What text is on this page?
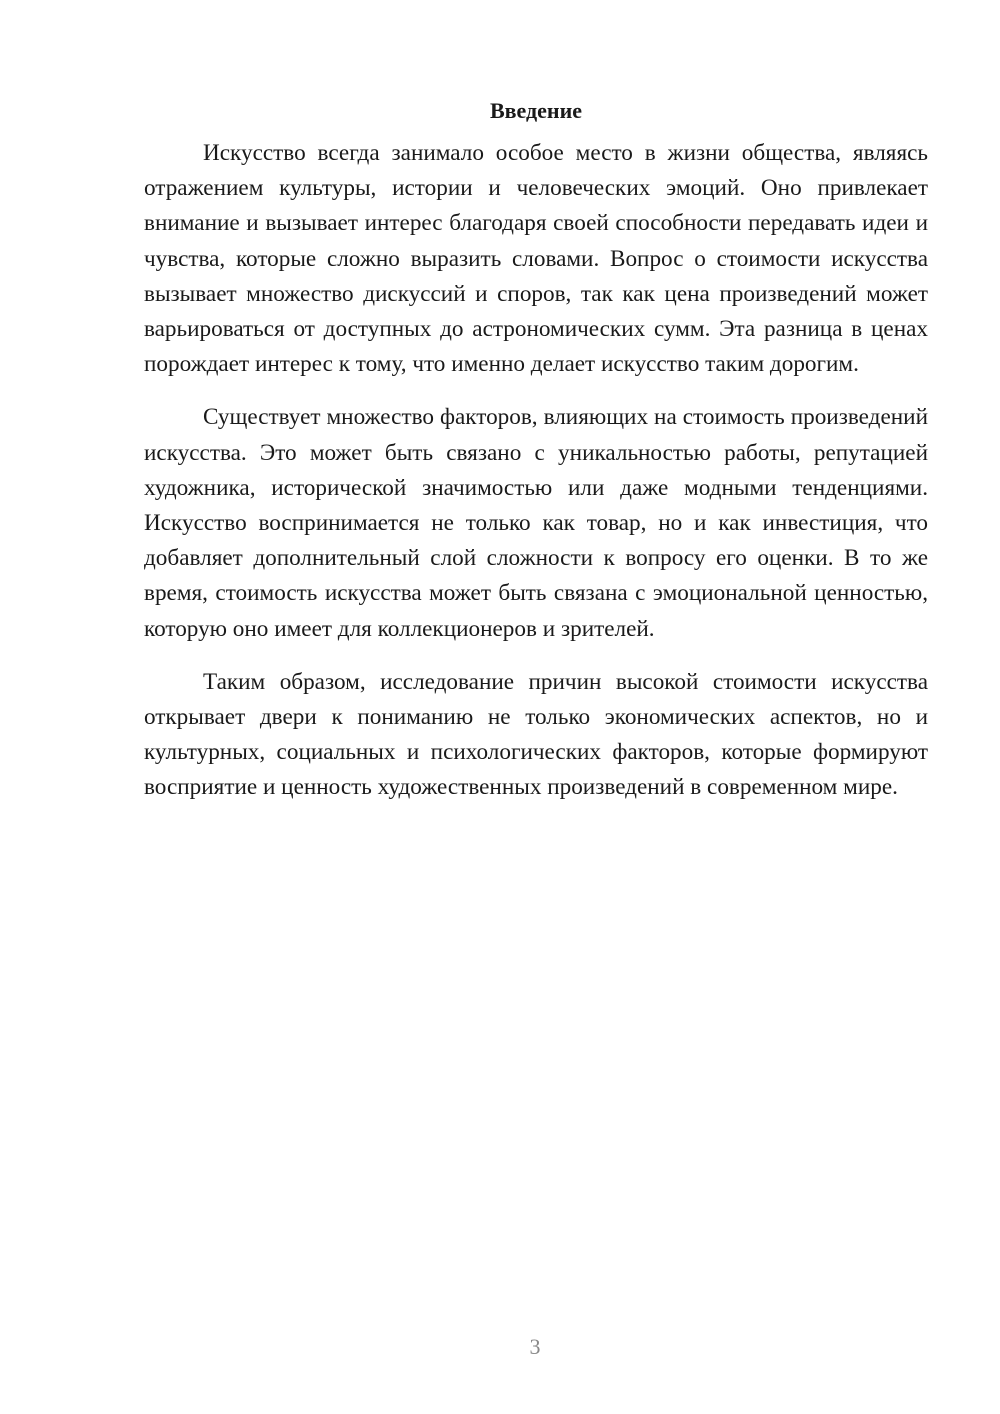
Введение

Искусство всегда занимало особое место в жизни общества, являясь отражением культуры, истории и человеческих эмоций. Оно привлекает внимание и вызывает интерес благодаря своей способности передавать идеи и чувства, которые сложно выразить словами. Вопрос о стоимости искусства вызывает множество дискуссий и споров, так как цена произведений может варьироваться от доступных до астрономических сумм. Эта разница в ценах порождает интерес к тому, что именно делает искусство таким дорогим.

Существует множество факторов, влияющих на стоимость произведений искусства. Это может быть связано с уникальностью работы, репутацией художника, исторической значимостью или даже модными тенденциями. Искусство воспринимается не только как товар, но и как инвестиция, что добавляет дополнительный слой сложности к вопросу его оценки. В то же время, стоимость искусства может быть связана с эмоциональной ценностью, которую оно имеет для коллекционеров и зрителей.

Таким образом, исследование причин высокой стоимости искусства открывает двери к пониманию не только экономических аспектов, но и культурных, социальных и психологических факторов, которые формируют восприятие и ценность художественных произведений в современном мире.

3
